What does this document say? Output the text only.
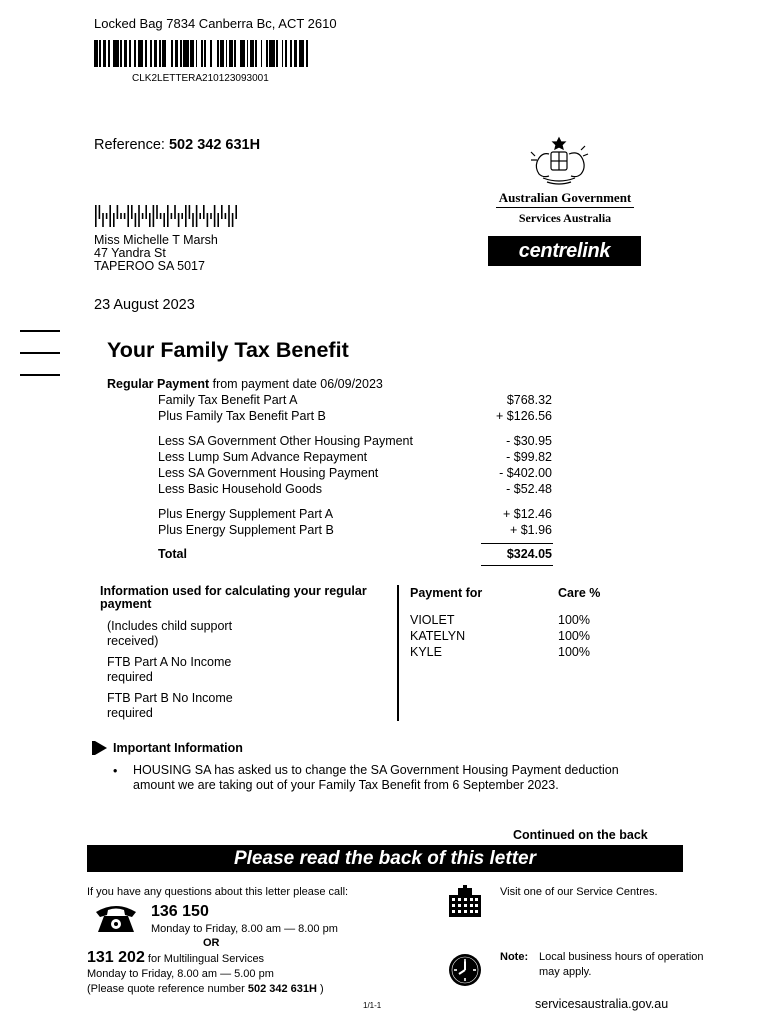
Locked Bag 7834 Canberra Bc, ACT 2610
CLK2LETTERA210123093001
Reference: 502 342 631H
Miss Michelle T Marsh
47 Yandra St
TAPEROO SA 5017
Australian Government
Services Australia
centrelink
23 August 2023
Your Family Tax Benefit
Regular Payment from payment date 06/09/2023
Family Tax Benefit Part A	$768.32
Plus Family Tax Benefit Part B	+ $126.56
Less SA Government Other Housing Payment	- $30.95
Less Lump Sum Advance Repayment	- $99.82
Less SA Government Housing Payment	- $402.00
Less Basic Household Goods	- $52.48
Plus Energy Supplement Part A	+ $12.46
Plus Energy Supplement Part B	+ $1.96
Total	$324.05
Information used for calculating your regular
payment
(Includes child support
received)
FTB Part A No Income
required
FTB Part B No Income
required
Payment for	Care %
VIOLET	100%
KATELYN	100%
KYLE	100%
Important Information
• HOUSING SA has asked us to change the SA Government Housing Payment deduction
amount we are taking out of your Family Tax Benefit from 6 September 2023.
Continued on the back
Please read the back of this letter
If you have any questions about this letter please call:
136 150
Monday to Friday, 8.00 am — 8.00 pm
OR
131 202 for Multilingual Services
Monday to Friday, 8.00 am — 5.00 pm
(Please quote reference number 502 342 631H )
Visit one of our Service Centres.
Note: Local business hours of operation
may apply.
1/1-1	servicesaustralia.gov.au
